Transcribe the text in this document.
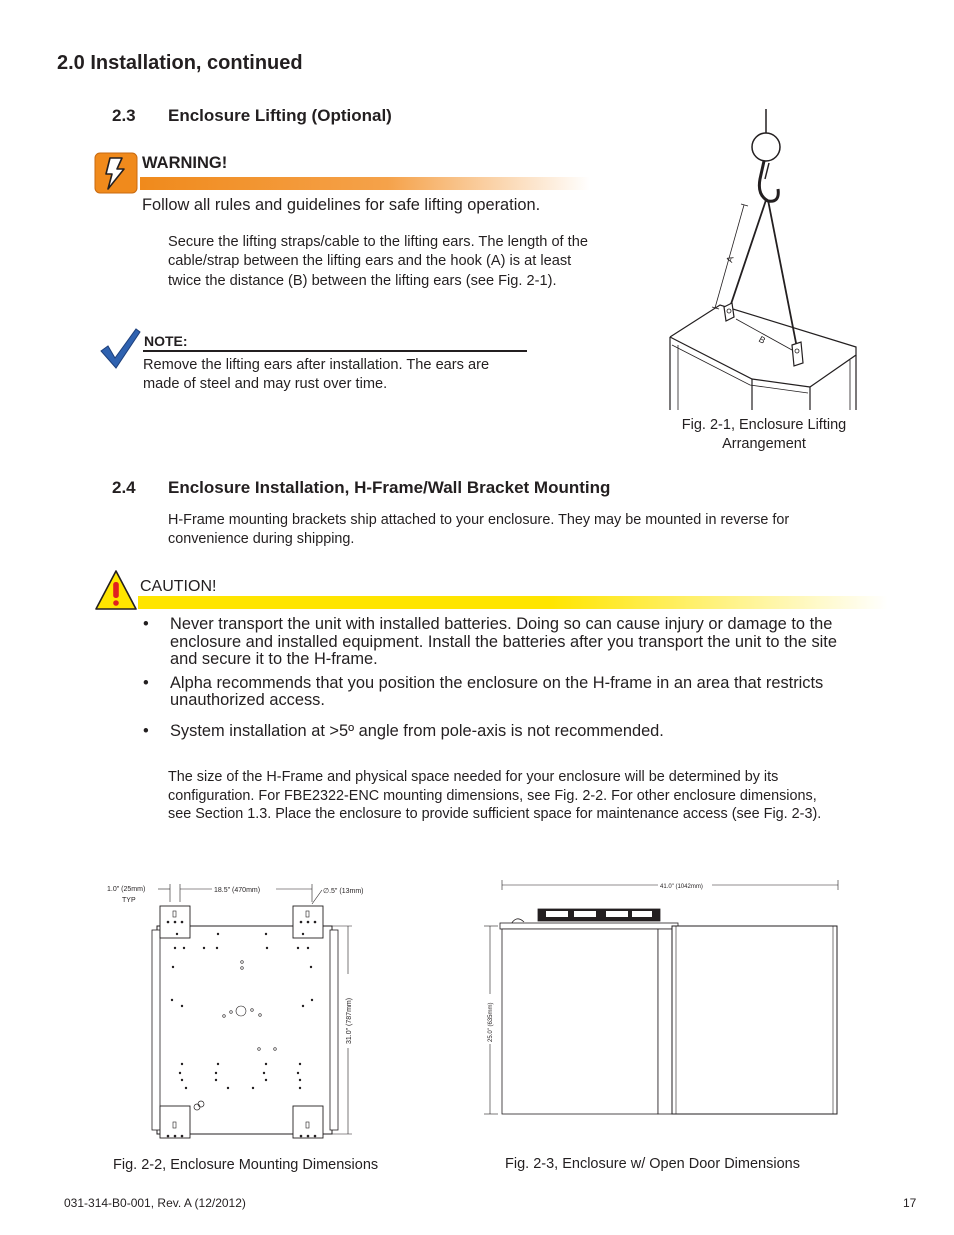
2.0 Installation, continued
2.3 Enclosure Lifting (Optional)
WARNING!
Follow all rules and guidelines for safe lifting operation.
Secure the lifting straps/cable to the lifting ears. The length of the
cable/strap between the lifting ears and the hook (A) is at least
twice the distance (B) between the lifting ears (see Fig. 2-1).
NOTE:
Remove the lifting ears after installation. The ears are
made of steel and may rust over time.
A
B
Fig. 2-1, Enclosure Lifting
Arrangement
2.4 Enclosure Installation, H-Frame/Wall Bracket Mounting
H-Frame mounting brackets ship attached to your enclosure. They may be mounted in reverse for
convenience during shipping.
CAUTION!
• Never transport the unit with installed batteries. Doing so can cause injury or damage to the
enclosure and installed equipment. Install the batteries after you transport the unit to the site
and secure it to the H-frame.
• Alpha recommends that you position the enclosure on the H-frame in an area that restricts
unauthorized access.
• System installation at >5º angle from pole-axis is not recommended.
The size of the H-Frame and physical space needed for your enclosure will be determined by its
configuration. For FBE2322-ENC mounting dimensions, see Fig. 2-2. For other enclosure dimensions,
see Section 1.3. Place the enclosure to provide sufficient space for maintenance access (see Fig. 2-3).
1.0" (25mm)
TYP
18.5" (470mm)	∅.5" (13mm)
31.0" (787mm)
Fig. 2-2, Enclosure Mounting Dimensions
41.0" (1042mm)
25.0" (635mm)
Fig. 2-3, Enclosure w/ Open Door Dimensions
031-314-B0-001, Rev. A (12/2012)	17
